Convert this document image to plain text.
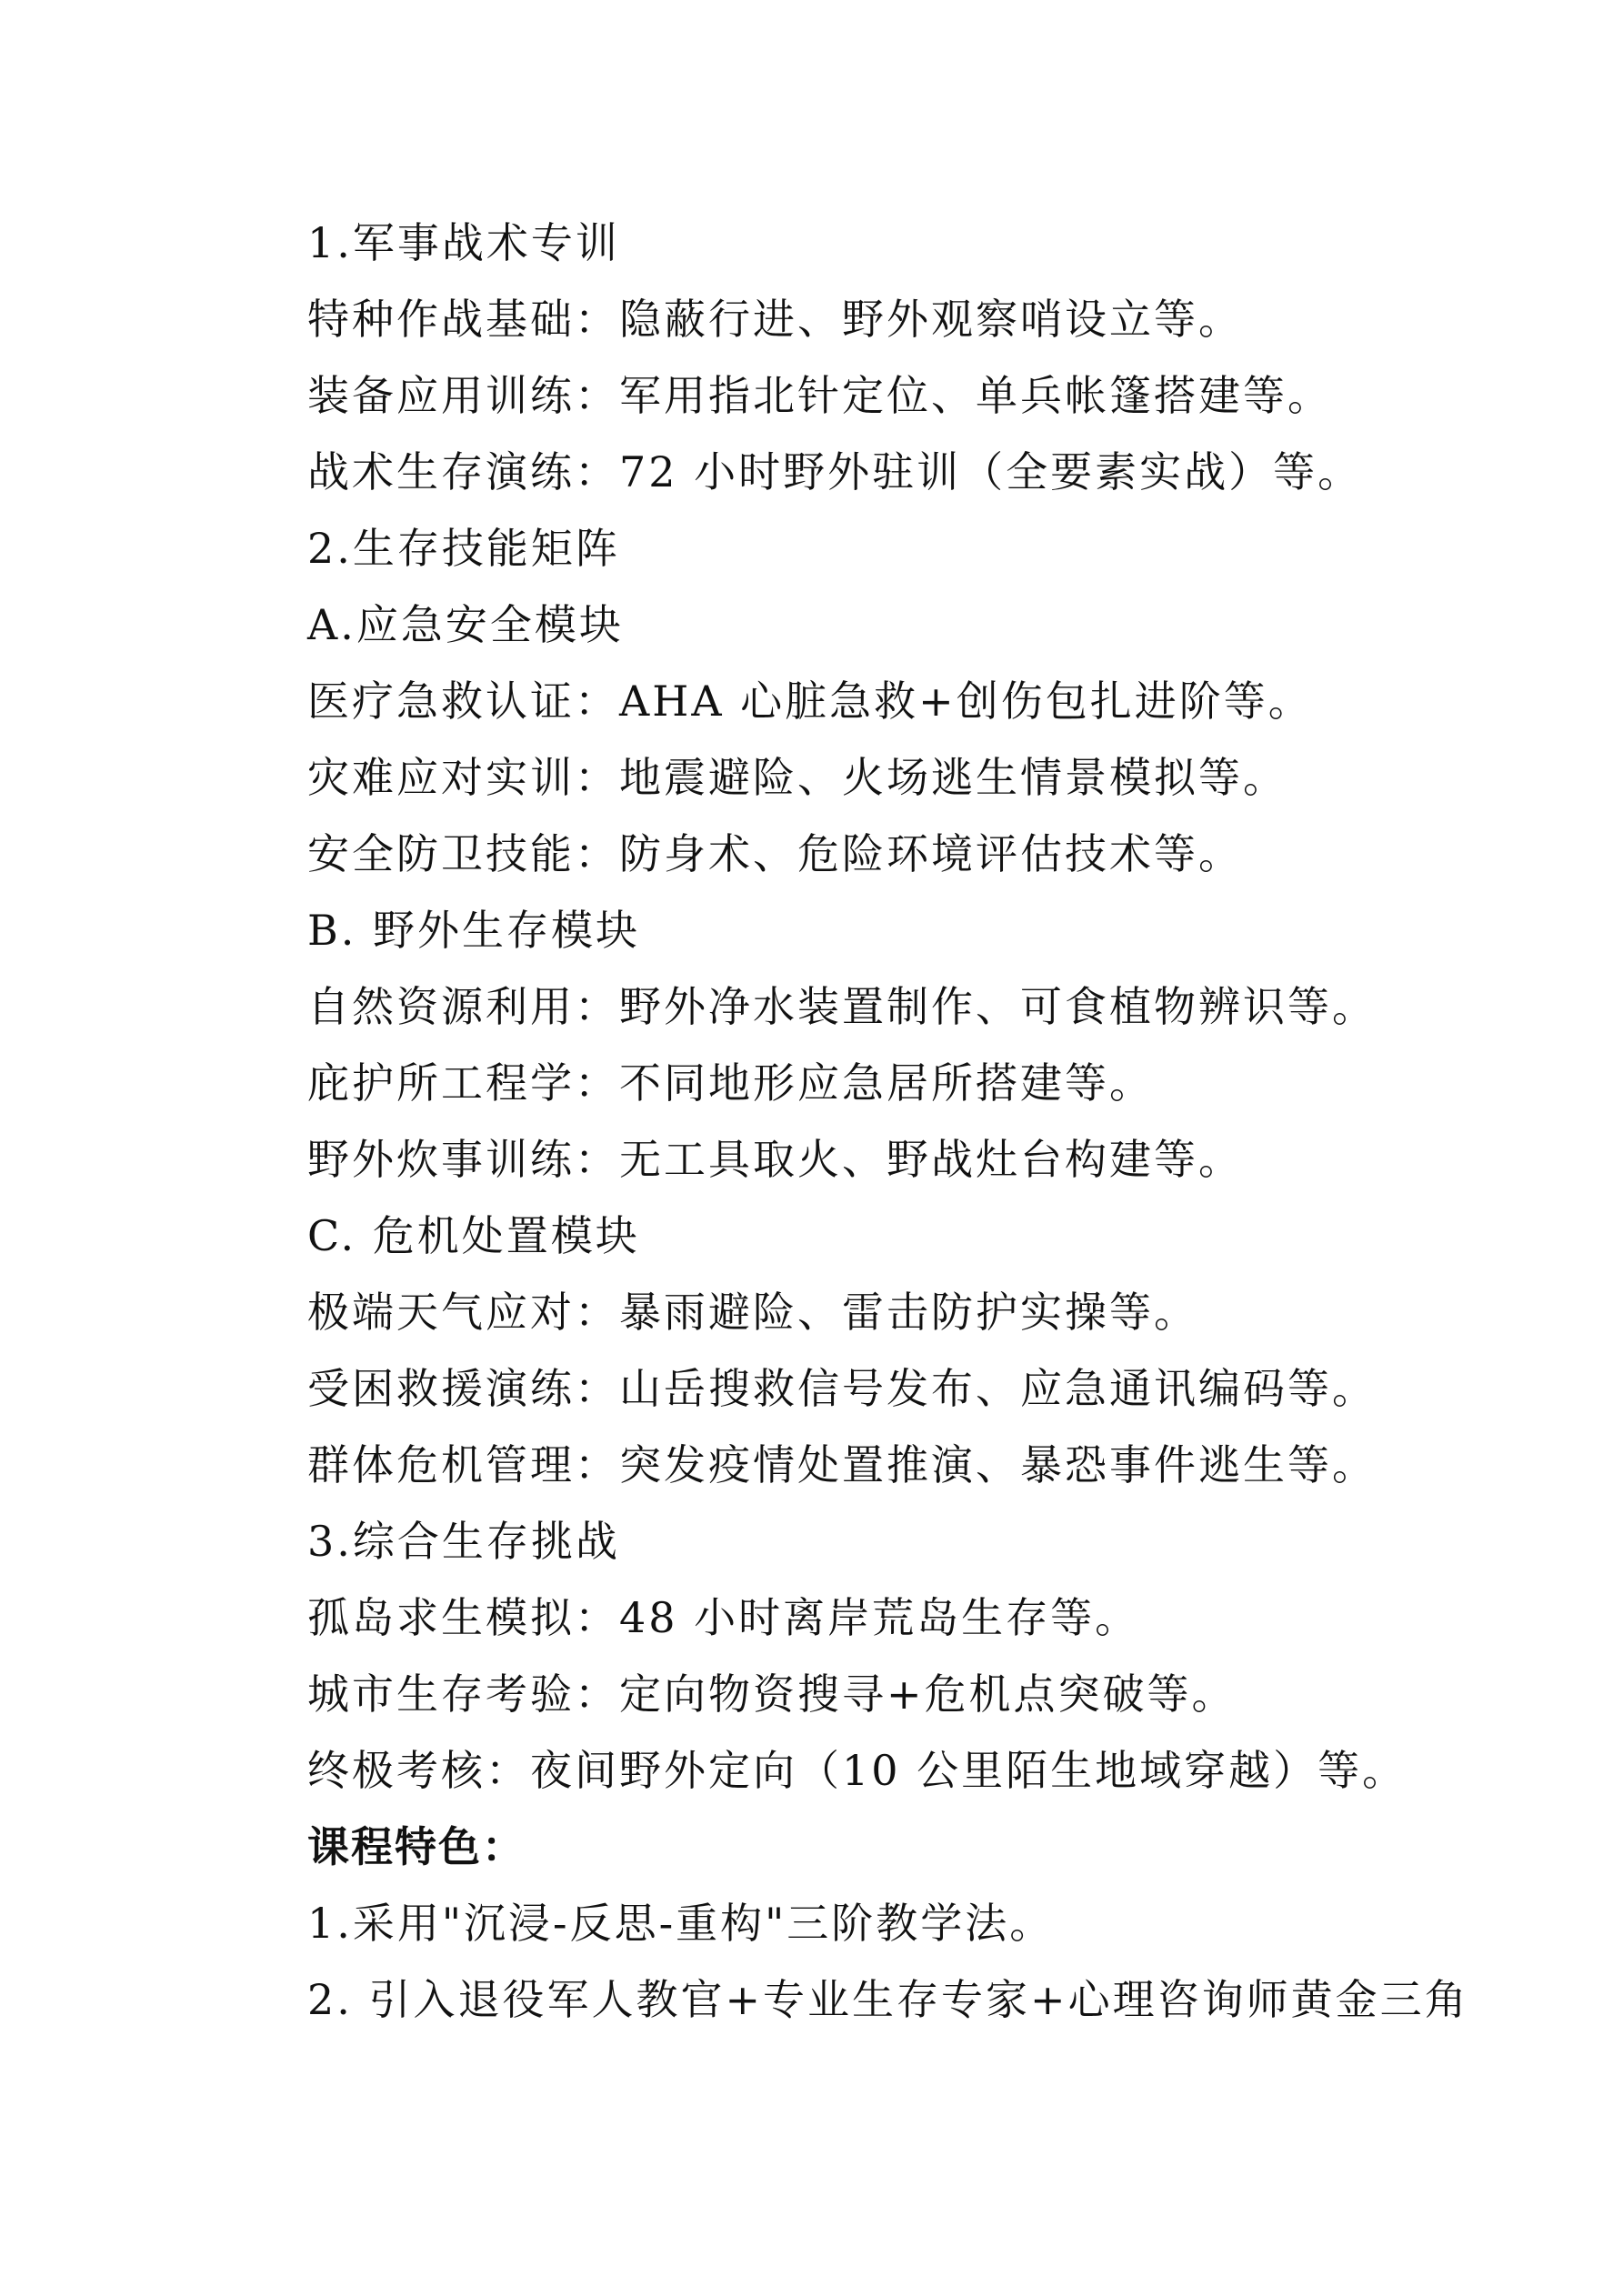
1.军事战术专训
特种作战基础：隐蔽行进、野外观察哨设立等。
装备应用训练：军用指北针定位、单兵帐篷搭建等。
战术生存演练：72 小时野外驻训（全要素实战）等。
2.生存技能矩阵
A.应急安全模块
医疗急救认证：AHA 心脏急救+创伤包扎进阶等。
灾难应对实训：地震避险、火场逃生情景模拟等。
安全防卫技能：防身术、危险环境评估技术等。
B. 野外生存模块
自然资源利用：野外净水装置制作、可食植物辨识等。
庇护所工程学：不同地形应急居所搭建等。
野外炊事训练：无工具取火、野战灶台构建等。
C. 危机处置模块
极端天气应对：暴雨避险、雷击防护实操等。
受困救援演练：山岳搜救信号发布、应急通讯编码等。
群体危机管理：突发疫情处置推演、暴恐事件逃生等。
3.综合生存挑战
孤岛求生模拟：48 小时离岸荒岛生存等。
城市生存考验：定向物资搜寻+危机点突破等。
终极考核：夜间野外定向（10 公里陌生地域穿越）等。
课程特色：
1.采用"沉浸-反思-重构"三阶教学法。
2. 引入退役军人教官+专业生存专家+心理咨询师黄金三角
